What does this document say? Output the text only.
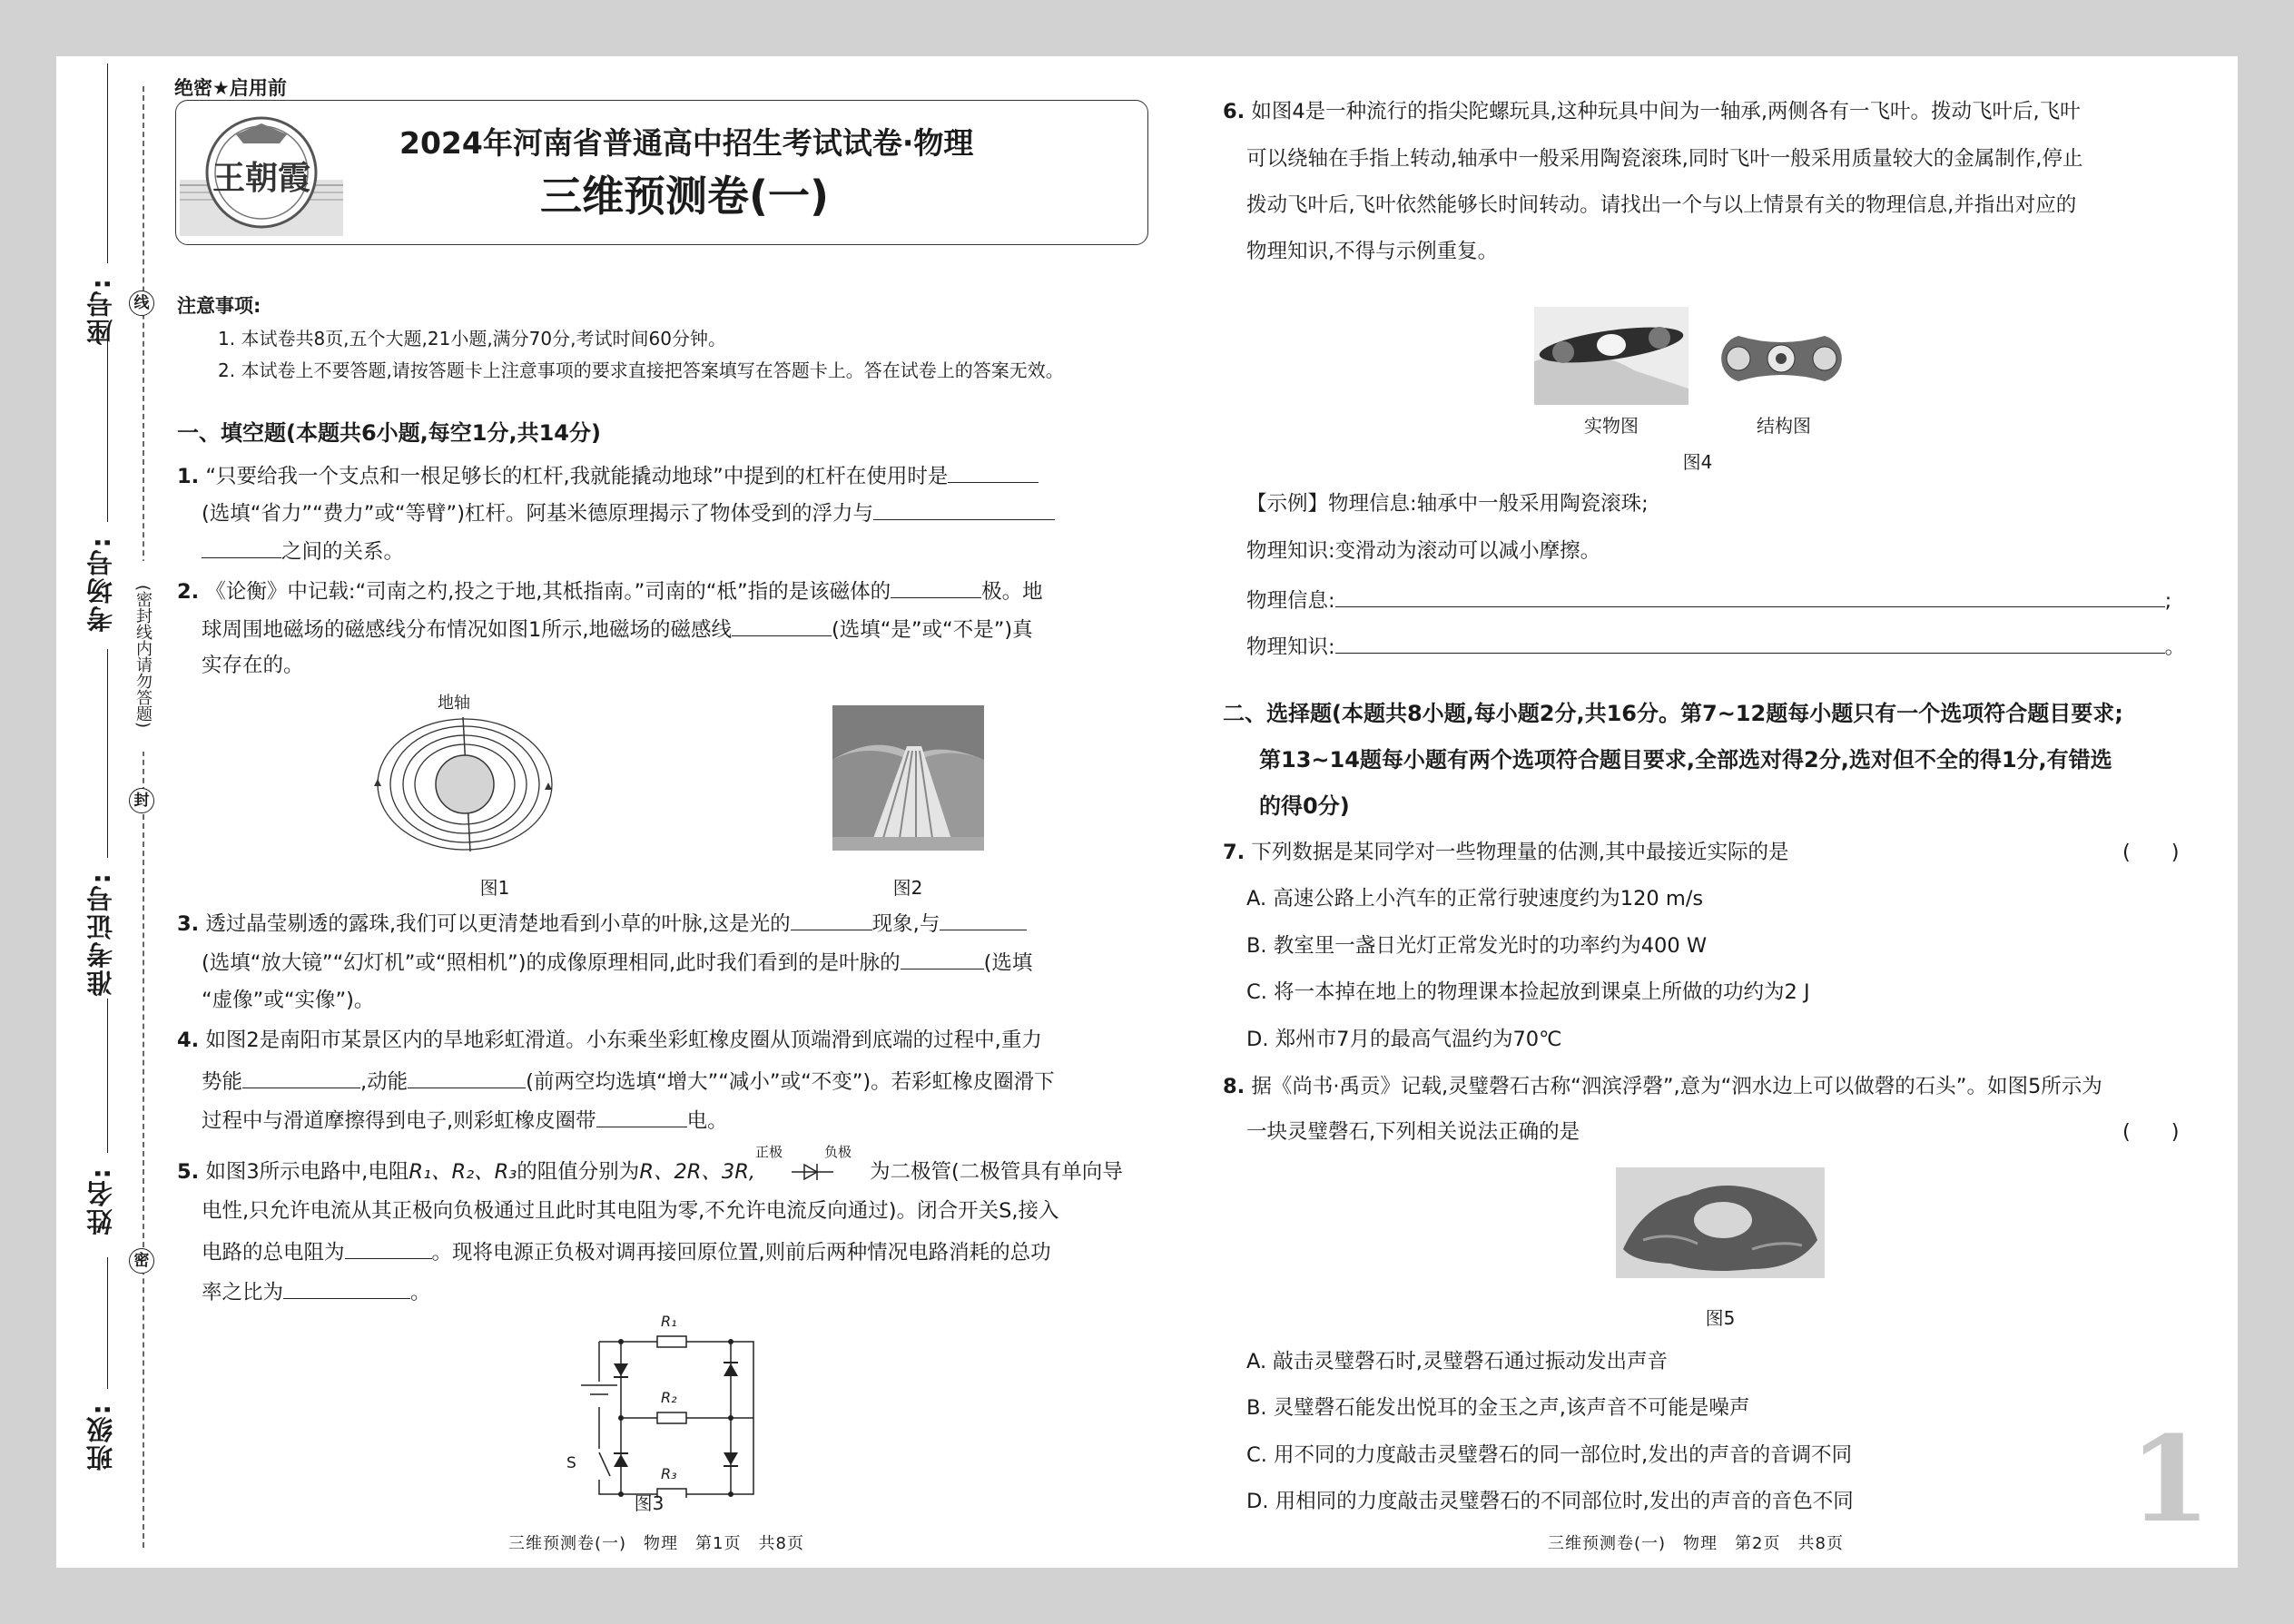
座号:
考场号:
准考证号:
姓名:
班级:
线
封
密
(密封线内请勿答题)
绝密★启用前
王朝霞
2024年河南省普通高中招生考试试卷·物理
三维预测卷(一)
注意事项:
1. 本试卷共8页,五个大题,21小题,满分70分,考试时间60分钟。
2. 本试卷上不要答题,请按答题卡上注意事项的要求直接把答案填写在答题卡上。答在试卷上的答案无效。
一、填空题(本题共6小题,每空1分,共14分)
1. “只要给我一个支点和一根足够长的杠杆,我就能撬动地球”中提到的杠杆在使用时是
(选填“省力”“费力”或“等臂”)杠杆。阿基米德原理揭示了物体受到的浮力与
之间的关系。
2. 《论衡》中记载:“司南之杓,投之于地,其柢指南。”司南的“柢”指的是该磁体的	极。地
球周围地磁场的磁感线分布情况如图1所示,地磁场的磁感线	(选填“是”或“不是”)真
实存在的。
地轴
图1	图2
3. 透过晶莹剔透的露珠,我们可以更清楚地看到小草的叶脉,这是光的	现象,与
(选填“放大镜”“幻灯机”或“照相机”)的成像原理相同,此时我们看到的是叶脉的	(选填
“虚像”或“实像”)。
4. 如图2是南阳市某景区内的旱地彩虹滑道。小东乘坐彩虹橡皮圈从顶端滑到底端的过程中,重力
势能	,动能	(前两空均选填“增大”“减小”或“不变”)。若彩虹橡皮圈滑下
过程中与滑道摩擦得到电子,则彩虹橡皮圈带	电。
5. 如图3所示电路中,电阻R₁、R₂、R₃的阻值分别为R、2R、3R,	为二极管(二极管具有单向导
正极	负极
电性,只允许电流从其正极向负极通过且此时其电阻为零,不允许电流反向通过)。闭合开关S,接入
电路的总电阻为	。现将电源正负极对调再接回原位置,则前后两种情况电路消耗的总功
率之比为	。
R₁
R₂
R₃
S
图3
三维预测卷(一)　物理　第1页　共8页
6. 如图4是一种流行的指尖陀螺玩具,这种玩具中间为一轴承,两侧各有一飞叶。拨动飞叶后,飞叶
可以绕轴在手指上转动,轴承中一般采用陶瓷滚珠,同时飞叶一般采用质量较大的金属制作,停止
拨动飞叶后,飞叶依然能够长时间转动。请找出一个与以上情景有关的物理信息,并指出对应的
物理知识,不得与示例重复。
实物图	结构图
图4
【示例】物理信息:轴承中一般采用陶瓷滚珠;
物理知识:变滑动为滚动可以减小摩擦。
物理信息:	;
物理知识:	。
二、选择题(本题共8小题,每小题2分,共16分。第7~12题每小题只有一个选项符合题目要求;
第13~14题每小题有两个选项符合题目要求,全部选对得2分,选对但不全的得1分,有错选
的得0分)
7. 下列数据是某同学对一些物理量的估测,其中最接近实际的是	(　　)
A. 高速公路上小汽车的正常行驶速度约为120 m/s
B. 教室里一盏日光灯正常发光时的功率约为400 W
C. 将一本掉在地上的物理课本捡起放到课桌上所做的功约为2 J
D. 郑州市7月的最高气温约为70℃
8. 据《尚书·禹贡》记载,灵璧磬石古称“泗滨浮磬”,意为“泗水边上可以做磬的石头”。如图5所示为
一块灵璧磬石,下列相关说法正确的是	(　　)
图5
A. 敲击灵璧磬石时,灵璧磬石通过振动发出声音
B. 灵璧磬石能发出悦耳的金玉之声,该声音不可能是噪声
C. 用不同的力度敲击灵璧磬石的同一部位时,发出的声音的音调不同
D. 用相同的力度敲击灵璧磬石的不同部位时,发出的声音的音色不同 1
三维预测卷(一)　物理　第2页　共8页
